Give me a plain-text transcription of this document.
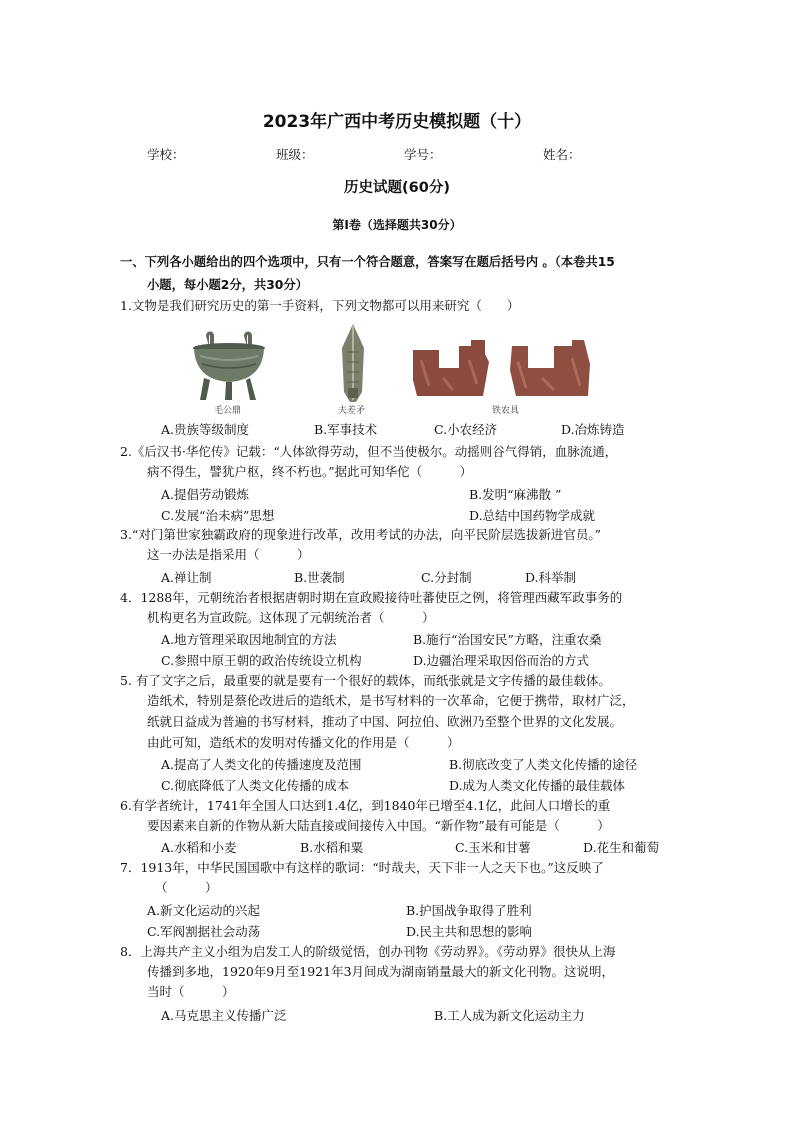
2023年广西中考历史模拟题（十）
学校：	班级：	学号：	姓名：
历史试题(60分)
第Ⅰ卷（选择题共30分）
一、下列各小题给出的四个选项中，只有一个符合题意，答案写在题后括号内 。（本卷共15
小题，每小题2分，共30分）
1.文物是我们研究历史的第一手资料，下列文物都可以用来研究（　　）
毛公鼎	夫差矛	铁农具
A.贵族等级制度	B.军事技术	C.小农经济	D.冶炼铸造
2.《后汉书·华佗传》记载：“人体欲得劳动，但不当使极尔。动摇则谷气得销，血脉流通，
病不得生，譬犹户枢，终不朽也。”据此可知华佗（　　　）
A.提倡劳动锻炼	B.发明“麻沸散 ”
C.发展“治未病”思想	D.总结中国药物学成就
3.“对门第世家独霸政府的现象进行改革，改用考试的办法，向平民阶层选拔新进官员。”
这一办法是指采用（　　　）
A.禅让制	B.世袭制	C.分封制	D.科举制
4．1288年，元朝统治者根据唐朝时期在宣政殿接待吐蕃使臣之例，将管理西藏军政事务的
机构更名为宣政院。这体现了元朝统治者（　　　）
A.地方管理采取因地制宜的方法	B.施行“治国安民”方略，注重农桑
C.参照中原王朝的政治传统设立机构	D.边疆治理采取因俗而治的方式
5. 有了文字之后，最重要的就是要有一个很好的载体，而纸张就是文字传播的最佳载体。
造纸术，特别是蔡伦改进后的造纸术，是书写材料的一次革命，它便于携带，取材广泛，
纸就日益成为普遍的书写材料，推动了中国、阿拉伯、欧洲乃至整个世界的文化发展。
由此可知，造纸术的发明对传播文化的作用是（　　　）
A.提高了人类文化的传播速度及范围	B.彻底改变了人类文化传播的途径
C.彻底降低了人类文化传播的成本	D.成为人类文化传播的最佳载体
6.有学者统计，1741年全国人口达到1.4亿，到1840年已增至4.1亿，此间人口增长的重
要因素来自新的作物从新大陆直接或间接传入中国。“新作物”最有可能是（　　　）
A.水稻和小麦	B.水稻和粟	C.玉米和甘薯	D.花生和葡萄
7．1913年，中华民国国歌中有这样的歌词：“时哉夫，天下非一人之天下也。”这反映了
（　　　）
A.新文化运动的兴起	B.护国战争取得了胜利
C.军阀割据社会动荡	D.民主共和思想的影响
8．上海共产主义小组为启发工人的阶级觉悟，创办刊物《劳动界》。《劳动界》很快从上海
传播到多地，1920年9月至1921年3月间成为湖南销量最大的新文化刊物。这说明，
当时（　　　）
A.马克思主义传播广泛	B.工人成为新文化运动主力
